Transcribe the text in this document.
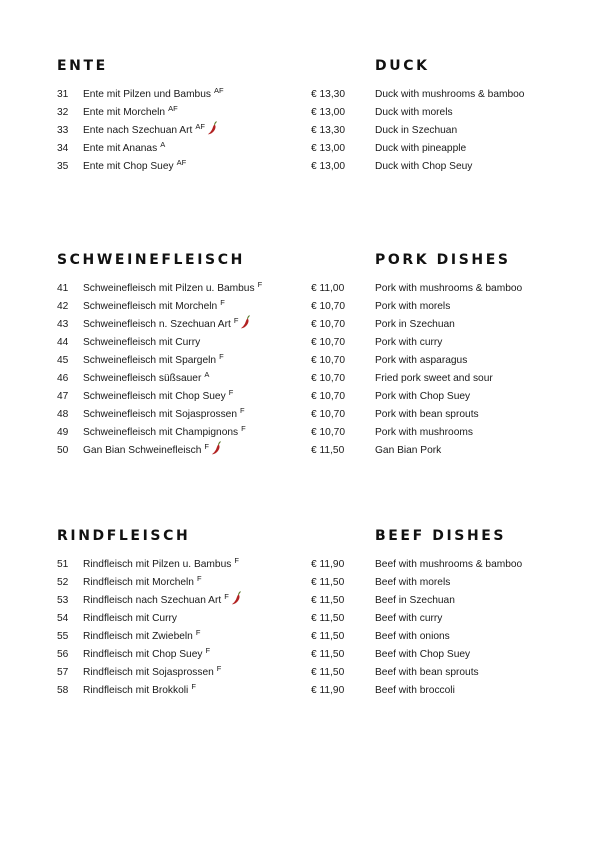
ENTE	DUCK
31	Ente mit Pilzen und Bambus $^{AF}$	€ 13,30	Duck with mushrooms & bamboo
32	Ente mit Morcheln $^{AF}$	€ 13,00	Duck with morels
33	Ente nach Szechuan Art $^{AF}$	€ 13,30	Duck in Szechuan
34	Ente mit Ananas $^A$	€ 13,00	Duck with pineapple
35	Ente mit Chop Suey $^{AF}$	€ 13,00	Duck with Chop Seuy
SCHWEINEFLEISCH	PORK DISHES
41	Schweinefleisch mit Pilzen u. Bambus $^F$	€ 11,00	Pork with mushrooms & bamboo
42	Schweinefleisch mit Morcheln $^F$	€ 10,70	Pork with morels
43	Schweinefleisch n. Szechuan Art $^F$	€ 10,70	Pork in Szechuan
44	Schweinefleisch mit Curry	€ 10,70	Pork with curry
45	Schweinefleisch mit Spargeln $^F$	€ 10,70	Pork with asparagus
46	Schweinefleisch süßsauer $^A$	€ 10,70	Fried pork sweet and sour
47	Schweinefleisch mit Chop Suey $^F$	€ 10,70	Pork with Chop Suey
48	Schweinefleisch mit Sojasprossen $^F$	€ 10,70	Pork with bean sprouts
49	Schweinefleisch mit Champignons $^F$	€ 10,70	Pork with mushrooms
50	Gan Bian Schweinefleisch $^F$	€ 11,50	Gan Bian Pork
RINDFLEISCH	BEEF DISHES
51	Rindfleisch mit Pilzen u. Bambus $^F$	€ 11,90	Beef with mushrooms & bamboo
52	Rindfleisch mit Morcheln $^F$	€ 11,50	Beef with morels
53	Rindfleisch nach Szechuan Art $^F$	€ 11,50	Beef in Szechuan
54	Rindfleisch mit Curry	€ 11,50	Beef with curry
55	Rindfleisch mit Zwiebeln $^F$	€ 11,50	Beef with onions
56	Rindfleisch mit Chop Suey $^F$	€ 11,50	Beef with Chop Suey
57	Rindfleisch mit Sojasprossen $^F$	€ 11,50	Beef with bean sprouts
58	Rindfleisch mit Brokkoli $^F$	€ 11,90	Beef with broccoli
